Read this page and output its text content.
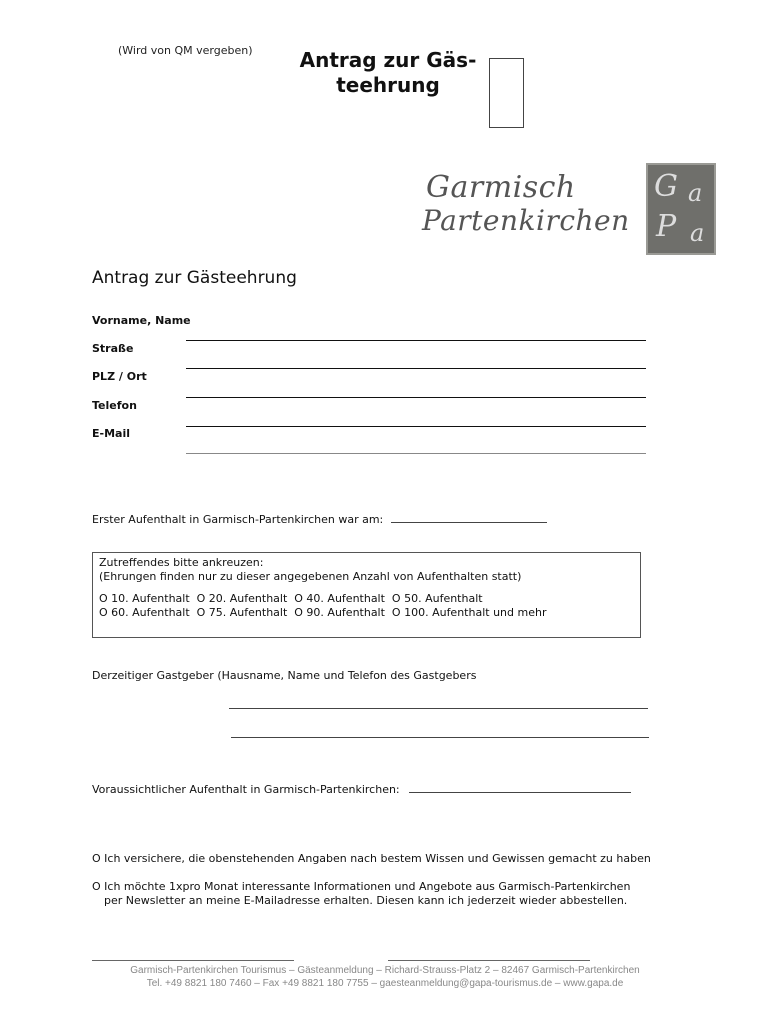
(Wird von QM vergeben) Antrag zur Gäs-
teehrung
Garmisch
Partenkirchen
G a
P a
Antrag zur Gästeehrung
Vorname, Name
Straße
PLZ / Ort
Telefon
E-Mail
Erster Aufenthalt in Garmisch-Partenkirchen war am:

Zutreffendes bitte ankreuzen:

(Ehrungen finden nur zu dieser angegebenen Anzahl von Aufenthalten statt)

O 10. Aufenthalt  O 20. Aufenthalt  O 40. Aufenthalt  O 50. Aufenthalt

O 60. Aufenthalt  O 75. Aufenthalt  O 90. Aufenthalt  O 100. Aufenthalt und mehr

Derzeitiger Gastgeber (Hausname, Name und Telefon des Gastgebers
Voraussichtlicher Aufenthalt in Garmisch-Partenkirchen:
O Ich versichere, die obenstehenden Angaben nach bestem Wissen und Gewissen gemacht zu haben
O Ich möchte 1xpro Monat interessante Informationen und Angebote aus Garmisch-Partenkirchen
per Newsletter an meine E-Mailadresse erhalten. Diesen kann ich jederzeit wieder abbestellen.
Garmisch-Partenkirchen Tourismus – Gästeanmeldung – Richard-Strauss-Platz 2 – 82467 Garmisch-Partenkirchen
Tel. +49 8821 180 7460 – Fax +49 8821 180 7755 – gaesteanmeldung@gapa-tourismus.de – www.gapa.de
